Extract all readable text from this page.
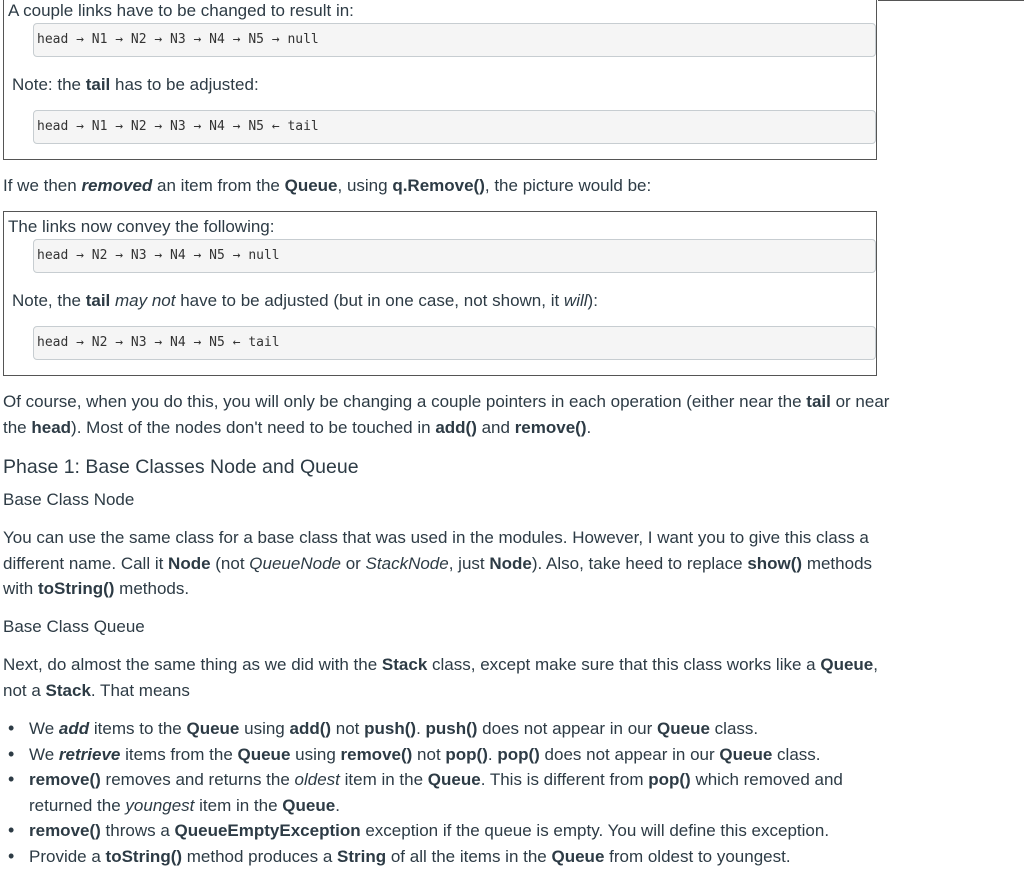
A couple links have to be changed to result in:
head → N1 → N2 → N3 → N4 → N5 → null
Note: the tail has to be adjusted:
head → N1 → N2 → N3 → N4 → N5 ← tail
If we then removed an item from the Queue, using q.Remove(), the picture would be:
The links now convey the following:
head → N2 → N3 → N4 → N5 → null
Note, the tail may not have to be adjusted (but in one case, not shown, it will):
head → N2 → N3 → N4 → N5 ← tail
Of course, when you do this, you will only be changing a couple pointers in each operation (either near the tail or near
the head). Most of the nodes don't need to be touched in add() and remove().
Phase 1: Base Classes Node and Queue
Base Class Node
You can use the same class for a base class that was used in the modules. However, I want you to give this class a
different name. Call it Node (not QueueNode or StackNode, just Node). Also, take heed to replace show() methods
with toString() methods.
Base Class Queue
Next, do almost the same thing as we did with the Stack class, except make sure that this class works like a Queue,
not a Stack. That means
• We add items to the Queue using add() not push(). push() does not appear in our Queue class.
• We retrieve items from the Queue using remove() not pop(). pop() does not appear in our Queue class.
• remove() removes and returns the oldest item in the Queue. This is different from pop() which removed and
returned the youngest item in the Queue.
• remove() throws a QueueEmptyException exception if the queue is empty. You will define this exception.
• Provide a toString() method produces a String of all the items in the Queue from oldest to youngest.
